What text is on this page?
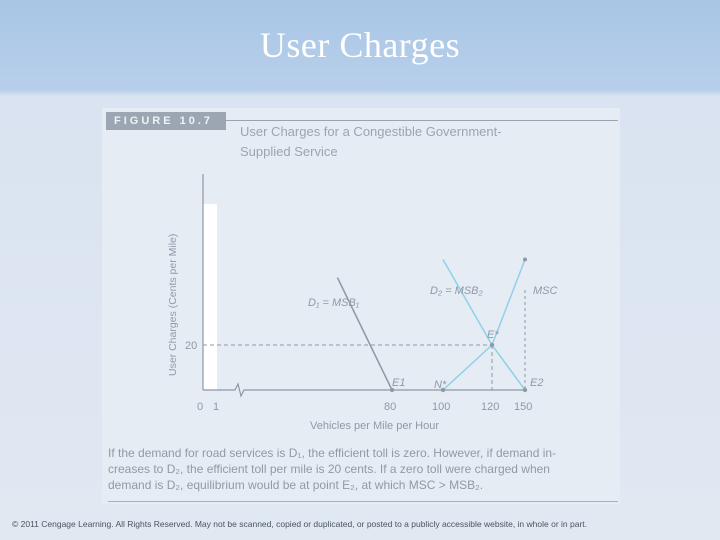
User Charges
FIGURE 10.7
User Charges for a Congestible Government-
Supplied Service
20
0 1	80	100	120 150
Vehicles per Mile per Hour
User Charges (Cents per Mile)	D₁ = MSB₁
D₂ = MSB₂	MSC
E1	N*
E*
E2
If the demand for road services is D₁, the efficient toll is zero. However, if demand in-
creases to D₂, the efficient toll per mile is 20 cents. If a zero toll were charged when
demand is D₂, equilibrium would be at point E₂, at which MSC > MSB₂.
© 2011 Cengage Learning. All Rights Reserved. May not be scanned, copied or duplicated, or posted to a publicly accessible website, in whole or in part.
